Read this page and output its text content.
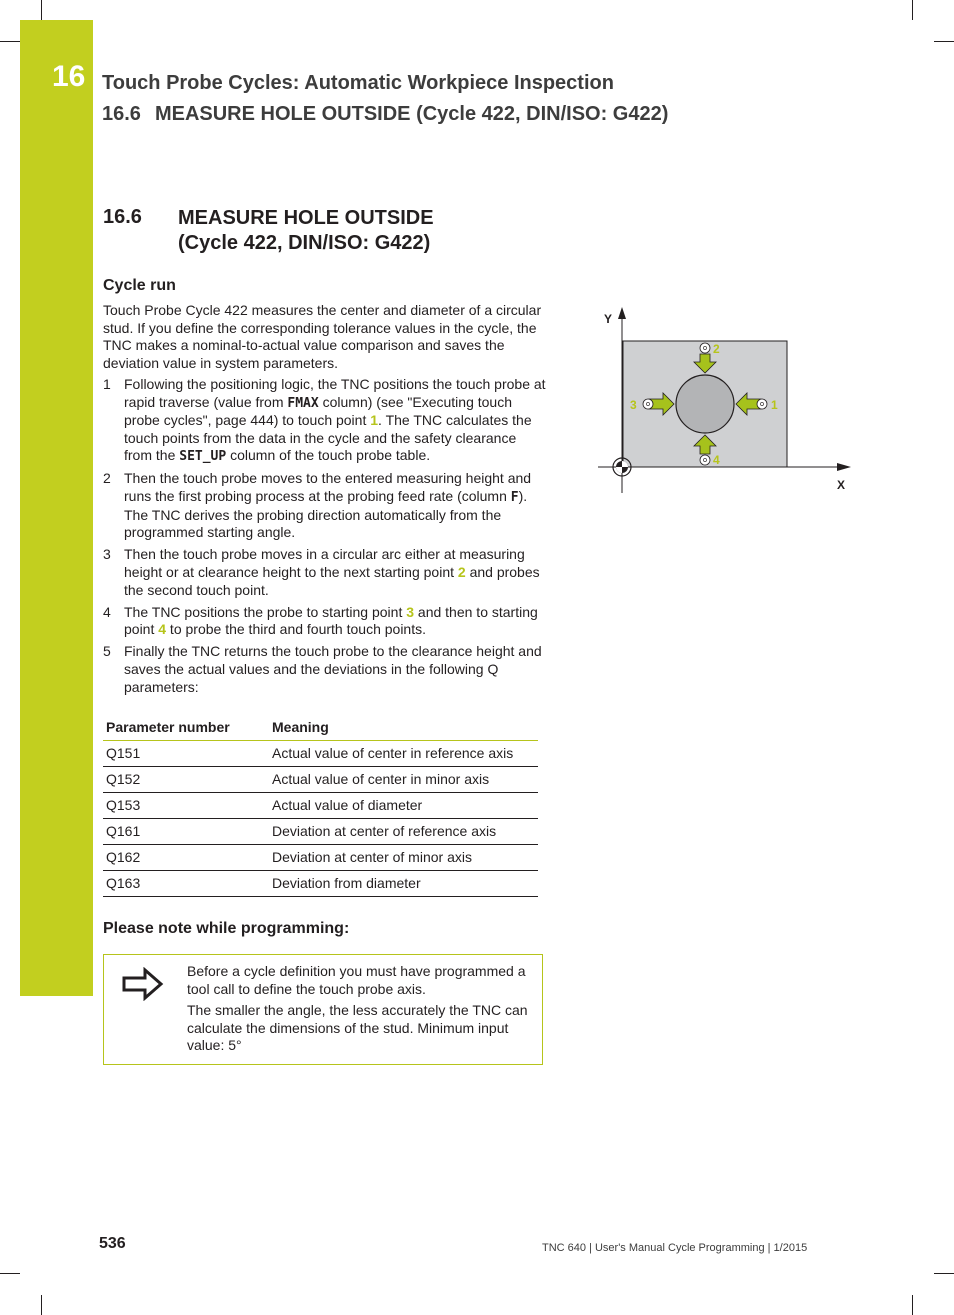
16 Touch Probe Cycles: Automatic Workpiece Inspection
16.6 MEASURE HOLE OUTSIDE (Cycle 422, DIN/ISO: G422)
16.6 MEASURE HOLE OUTSIDE
(Cycle 422, DIN/ISO: G422)
Cycle run
Touch Probe Cycle 422 measures the center and diameter of a circular stud. If you define the corresponding tolerance values in the cycle, the TNC makes a nominal-to-actual value comparison and saves the deviation value in system parameters.
1 Following the positioning logic, the TNC positions the touch probe at rapid traverse (value from FMAX column) (see "Executing touch probe cycles", page 444) to touch point 1. The TNC calculates the touch points from the data in the cycle and the safety clearance from the SET_UP column of the touch probe table.
2 Then the touch probe moves to the entered measuring height and runs the first probing process at the probing feed rate (column F). The TNC derives the probing direction automatically from the programmed starting angle.
3 Then the touch probe moves in a circular arc either at measuring height or at clearance height to the next starting point 2 and probes the second touch point.
4 The TNC positions the probe to starting point 3 and then to starting point 4 to probe the third and fourth touch points.
5 Finally the TNC returns the touch probe to the clearance height and saves the actual values and the deviations in the following Q parameters:
Parameter number	Meaning
Q151	Actual value of center in reference axis
Q152	Actual value of center in minor axis
Q153	Actual value of diameter
Q161	Deviation at center of reference axis
Q162	Deviation at center of minor axis
Q163	Deviation from diameter
Please note while programming:

Before a cycle definition you must have programmed a tool call to define the touch probe axis.

The smaller the angle, the less accurately the TNC can calculate the dimensions of the stud. Minimum input value: 5°

Y
X
1
2
3
4
536	TNC 640 | User's Manual Cycle Programming | 1/2015
